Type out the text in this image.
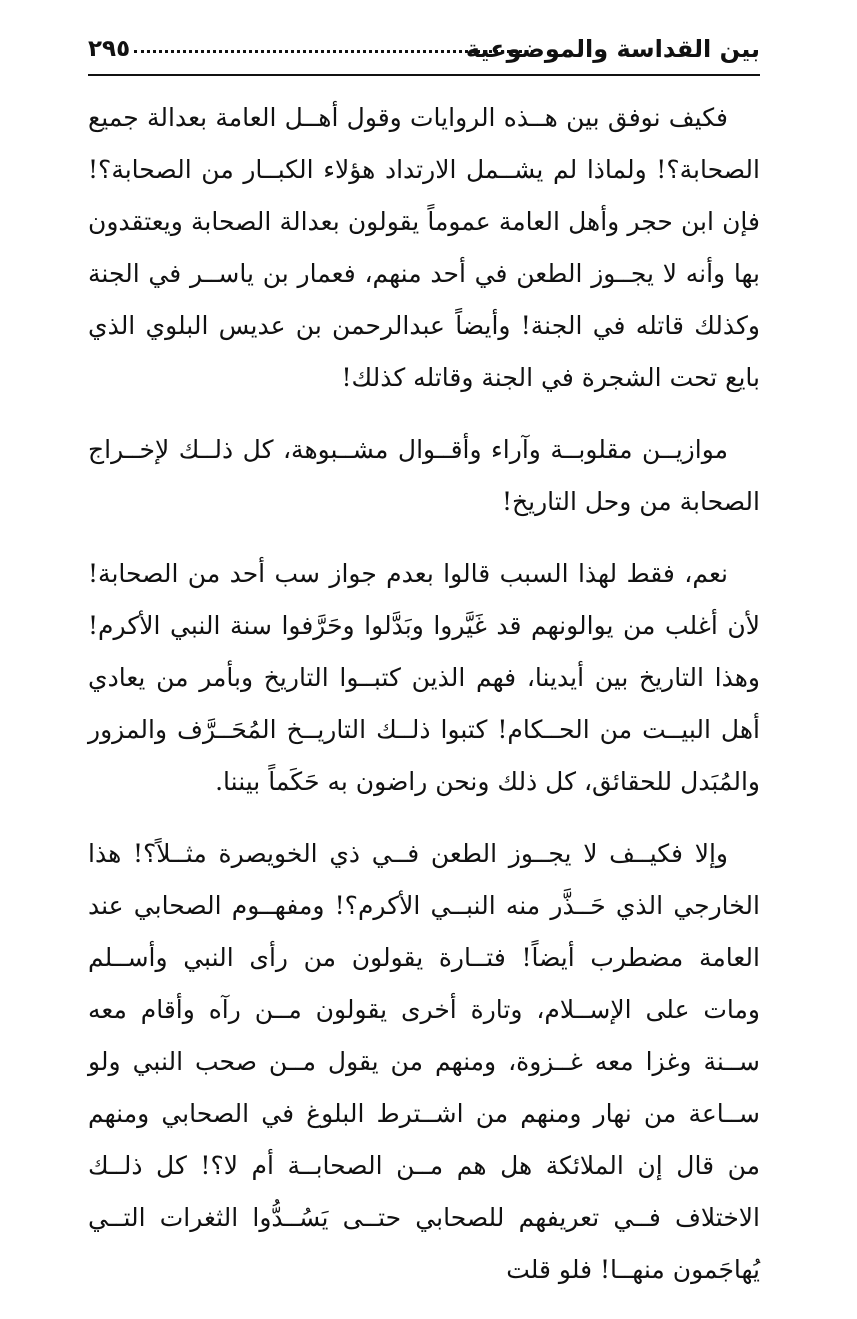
بين القداسة والموضوعية
٢٩٥

فكيف نوفق بين هــذه الروايات وقول أهــل العامة بعدالة جميع الصحابة؟! ولماذا لم يشــمل الارتداد هؤلاء الكبــار من الصحابة؟! فإن ابن حجر وأهل العامة عموماً يقولون بعدالة الصحابة ويعتقدون بها وأنه لا يجــوز الطعن في أحد منهم، فعمار بن ياســر في الجنة وكذلك قاتله في الجنة! وأيضاً عبدالرحمن بن عديس البلوي الذي بايع تحت الشجرة في الجنة وقاتله كذلك!

موازيــن مقلوبــة وآراء وأقــوال مشــبوهة، كل ذلــك لإخــراج الصحابة من وحل التاريخ!

نعم، فقط لهذا السبب قالوا بعدم جواز سب أحد من الصحابة! لأن أغلب من يوالونهم قد غَيَّروا وبَدَّلوا وحَرَّفوا سنة النبي الأكرم! وهذا التاريخ بين أيدينا، فهم الذين كتبــوا التاريخ وبأمر من يعادي أهل البيــت من الحــكام! كتبوا ذلــك التاريــخ المُحَــرَّف والمزور والمُبَدل للحقائق، كل ذلك ونحن راضون به حَكَماً بيننا.

وإلا فكيــف لا يجــوز الطعن فــي ذي الخويصرة مثــلاً؟! هذا الخارجي الذي حَــذَّر منه النبــي الأكرم؟! ومفهــوم الصحابي عند العامة مضطرب أيضاً! فتــارة يقولون من رأى النبي وأســلم ومات على الإســلام، وتارة أخرى يقولون مــن رآه وأقام معه ســنة وغزا معه غــزوة، ومنهم من يقول مــن صحب النبي ولو ســاعة من نهار ومنهم من اشــترط البلوغ في الصحابي ومنهم من قال إن الملائكة هل هم مــن الصحابــة أم لا؟! كل ذلــك الاختلاف فــي تعريفهم للصحابي حتــى يَسُــدُّوا الثغرات التــي يُهاجَمون منهــا! فلو قلت
